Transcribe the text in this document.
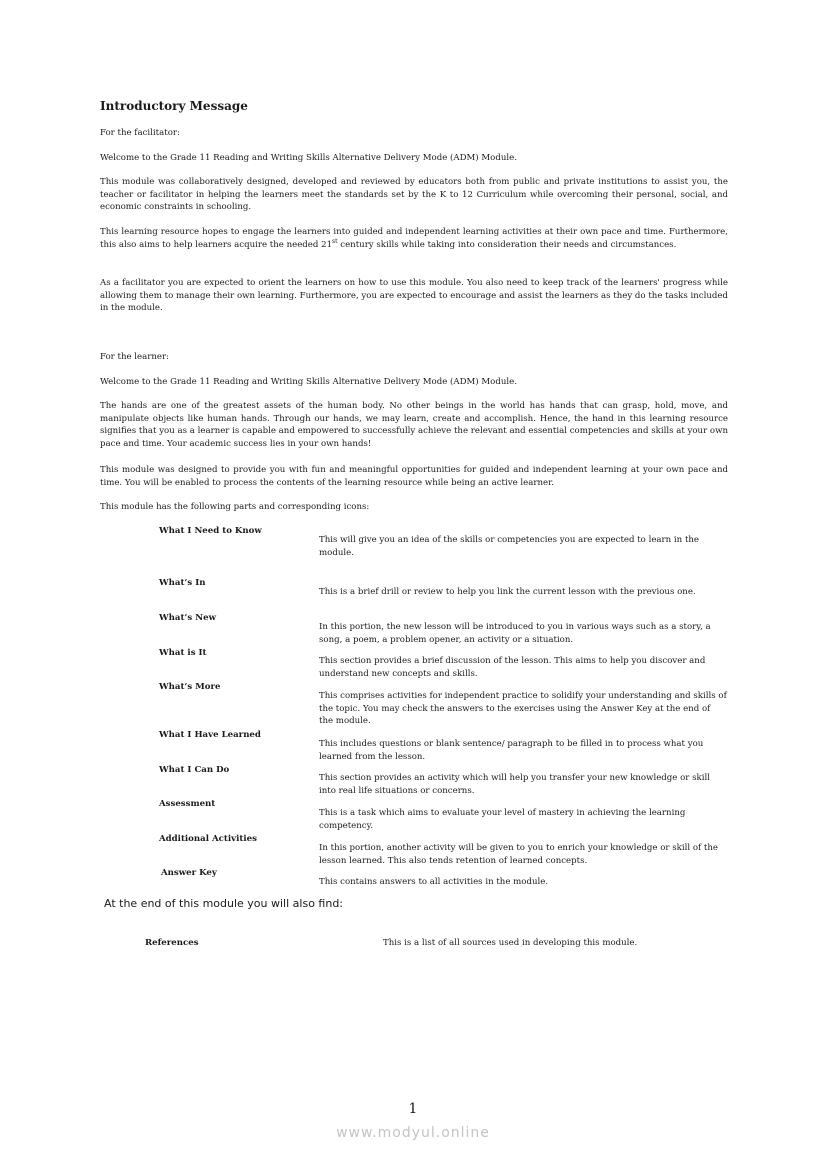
Introductory Message

For the facilitator:

Welcome to the Grade 11 Reading and Writing Skills Alternative Delivery Mode (ADM) Module.

This module was collaboratively designed, developed and reviewed by educators both from public and private institutions to assist you, the teacher or facilitator in helping the learners meet the standards set by the K to 12 Curriculum while overcoming their personal, social, and economic constraints in schooling.

This learning resource hopes to engage the learners into guided and independent learning activities at their own pace and time. Furthermore, this also aims to help learners acquire the needed 21st century skills while taking into consideration their needs and circumstances.

As a facilitator you are expected to orient the learners on how to use this module. You also need to keep track of the learners' progress while allowing them to manage their own learning. Furthermore, you are expected to encourage and assist the learners as they do the tasks included in the module.

For the learner:

Welcome to the Grade 11 Reading and Writing Skills Alternative Delivery Mode (ADM) Module.

The hands are one of the greatest assets of the human body. No other beings in the world has hands that can grasp, hold, move, and manipulate objects like human hands. Through our hands, we may learn, create and accomplish. Hence, the hand in this learning resource signifies that you as a learner is capable and empowered to successfully achieve the relevant and essential competencies and skills at your own pace and time. Your academic success lies in your own hands!

This module was designed to provide you with fun and meaningful opportunities for guided and independent learning at your own pace and time. You will be enabled to process the contents of the learning resource while being an active learner.

This module has the following parts and corresponding icons:

What I Need to Know

This will give you an idea of the skills or competencies you are expected to learn in the module.

What’s In

This is a brief drill or review to help you link the current lesson with the previous one.

What’s New

In this portion, the new lesson will be introduced to you in various ways such as a story, a song, a poem, a problem opener, an activity or a situation.

What is It

This section provides a brief discussion of the lesson. This aims to help you discover and understand new concepts and skills.

What’s More

This comprises activities for independent practice to solidify your understanding and skills of the topic. You may check the answers to the exercises using the Answer Key at the end of the module.

What I Have Learned

This includes questions or blank sentence/ paragraph to be filled in to process what you learned from the lesson.

What I Can Do

This section provides an activity which will help you transfer your new knowledge or skill into real life situations or concerns.

Assessment

This is a task which aims to evaluate your level of mastery in achieving the learning competency.

Additional Activities

In this portion, another activity will be given to you to enrich your knowledge or skill of the lesson learned. This also tends retention of learned concepts.

Answer Key

This contains answers to all activities in the module.

At the end of this module you will also find:

References	This is a list of all sources used in developing this module.

1

www.modyul.online
